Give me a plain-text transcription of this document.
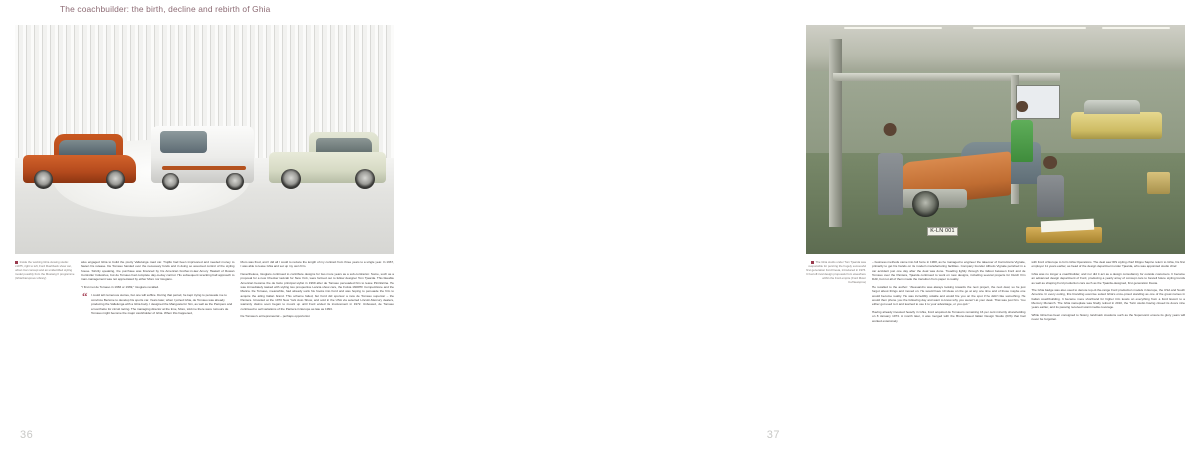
The coachbuilder: the birth, decline and rebirth of Ghia

Inside the working Ghia viewing studio: c1975, right to left, Ford Flashback show car, urban Car concept and an unidentified styling model possibly from the Mustang II programme (Ghia/Carsprove Library)

also engaged Ghia to build the pretty Vallelunga road car. Trujillo had been imprisoned and needed money to fasten his release. De Tomaso handed over the necessary funds and in doing so assumed control of the styling house. Strictly speaking, the purchase was financed by his American brother-in-law Amory Haskell of Rowan Controller Industries, but de Tomaso had complete day-to-day control. His subsequent wrecking ball approach to man-management was not appreciated by either Moro nor Giugiaro.

"I first met de Tomaso in 1966 or 1969," Giugiaro recalled.

“ I could tell numerous stories, but one will suffice. During that period, he kept trying to persuade me to convince Bertone to develop his sports car. Years later, when I joined Ghia, de Tomaso was already producing the Vallelunga with a Ghia body. I designed the Mangusta for him, as well as the Pampero and a Isorchetto for circuit racing. The managing director at the time, Moro, told me there were rumours de Tomaso might become the major stockholder of Ghia. When this happened,

Moro was fired, and I did all I could to reduce the length of my contract from three years to a single year. In 1967, I was able to leave Ghia and set up my own firm.

Nevertheless, Giugiaro continued to contribute designs for two more years as a sub-contractor. Some, such as a proposal for a new Checker taxicab for New York, were farmed out to fellow designer Tom Tjaarda. This likeable American became the de facto principal stylist in 1969 after de Tomaso persuaded him to leave Pininfarina. He was immediately tasked with styling two prospective Lancia show cars, the Fulvia 1600HF Competizione and the Marica. De Tomaso, meanwhile, had already sunk his hooks into Ford and was hoping to persuade the firm to acquire the ailing Italian brand. This scheme failed, but Ford did sponsor a new de Tomaso supercar – the Pantera. Unveiled at the 1970 New York Auto Show, and sold in the USA via selected Lincoln-Mercury dealers, warranty claims soon began to mount up until Ford ended its involvement in 1972. Unbowed, de Tomaso continued to sell variations of the Pantera in Europe as late as 1993.

De Tomaso's entrepreneurial – perhaps opportunist

36
K-LN 001

The Ghia studio under Tom Tjaarda was responsible for penning the hugely successful first generation Ford Fiesta, introduced in 1976. It had off-rival design proposals from elsewhere within the Ford empire (Ford Motor Co/Newsprss)

– business methods came into full force in 1968, as he managed to engineer the takeover of Carrozzeria Vignale, primarily to get his hands on its modern manufacturing facilities. Company founder Alfredo Vignale perished in a car accident just one day after the deal was done. Treading lightly through the fallout between Ford and de Tomaso over the Pantera, Tjaarda continued to work on new designs, including several projects for Dutch firm DAF, but not all of them made the transition from paper to reality.

He recalled to the author: "Alessandro was always looking towards the next project, the next deal, so he just forgot about things and moved on. He would have 10 ideas on the go at any one time and of those maybe one would become reality. He was incredibly volatile and would fire you on the spot if he didn't like something. He would then phone you the following day and want to know why you weren't at your desk. That was just him. You either got used to it and learned to use it to your advantage, or you quit."

Having already invested heavily in Ghia, Ford acquired de Tomaso's remaining 16 per cent minority shareholding on 8 January 1973. A month later, it was merged with the Bruno-based Italian Design Studio (IDS) that had worked extensively

with Ford of Europe to form Ghia Operations. The deal saw IDS styling chief Filippo Sapino return to Ghia, his first employer 11 years earlier, as head of the design department under Tjaarda, who was appointed studio chief.

Ghia was no longer a coachbuilder, and nor did it act as a design consultancy for outside customers. It became an advanced design department of Ford, producing a yearly array of concept cars to foretell future styling trends as well as shaping Ford production cars such as the Tjaarda-designed, first generation Fiesta.

The Ghia badge was also used to denote top-of-the-range Ford production models in Europe, the USA and South America. In every outing, this branding exercise suited Ghia's once-proud standing as one of the great names in Italian coachbuilding. It became mere shorthand for higher trim levels on everything from a Ford Escort to a Mercury Monarch. The Ghia nameplate was finally retired in 2010, the Turin studio having closed its doors nine years earlier, and its passing received scant media coverage.

While Ghia has been consigned to history, landmark creations such as the Supersonic ensure its glory years will never be forgotten.

37
